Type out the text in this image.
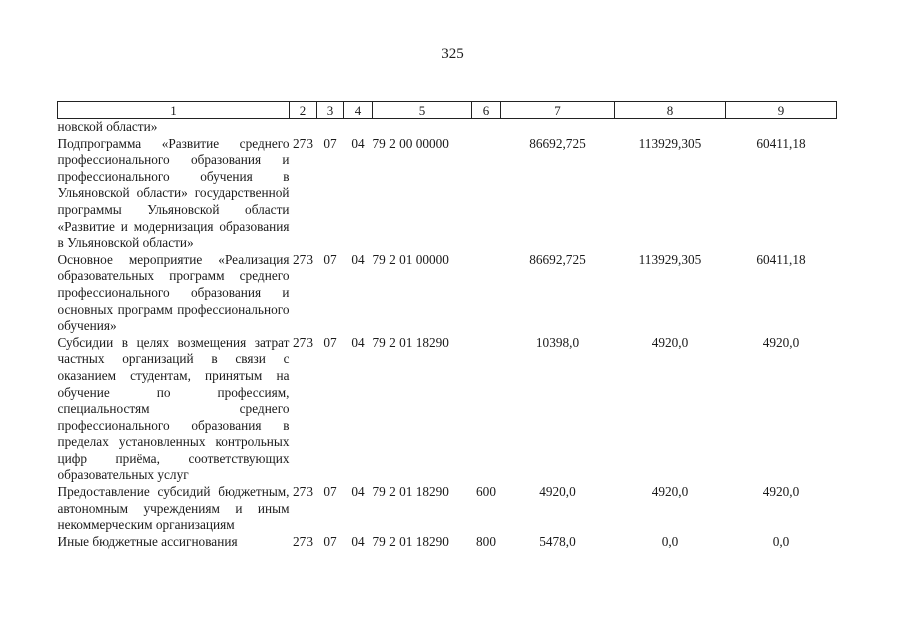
325
1	2	3	4	5	6	7	8	9
новской области»								
Подпрограмма «Развитие среднего профессионального образования и профессионального обучения в Ульяновской области» государственной программы Ульяновской области «Развитие и модернизация образования в Ульяновской области»	273	07	04	79 2 00 00000		86692,725	113929,305	60411,18
Основное мероприятие «Реализация образовательных программ среднего профессионального образования и основных программ профессионального обучения»	273	07	04	79 2 01 00000		86692,725	113929,305	60411,18
Субсидии в целях возмещения затрат частных организаций в связи с оказанием студентам, принятым на обучение по профессиям, специальностям среднего профессионального образования в пределах установленных контрольных цифр приёма, соответствующих образовательных услуг	273	07	04	79 2 01 18290		10398,0	4920,0	4920,0
Предоставление субсидий бюджетным, автономным учреждениям и иным некоммерческим организациям	273	07	04	79 2 01 18290	600	4920,0	4920,0	4920,0
Иные бюджетные ассигнования	273	07	04	79 2 01 18290	800	5478,0	0,0	0,0
